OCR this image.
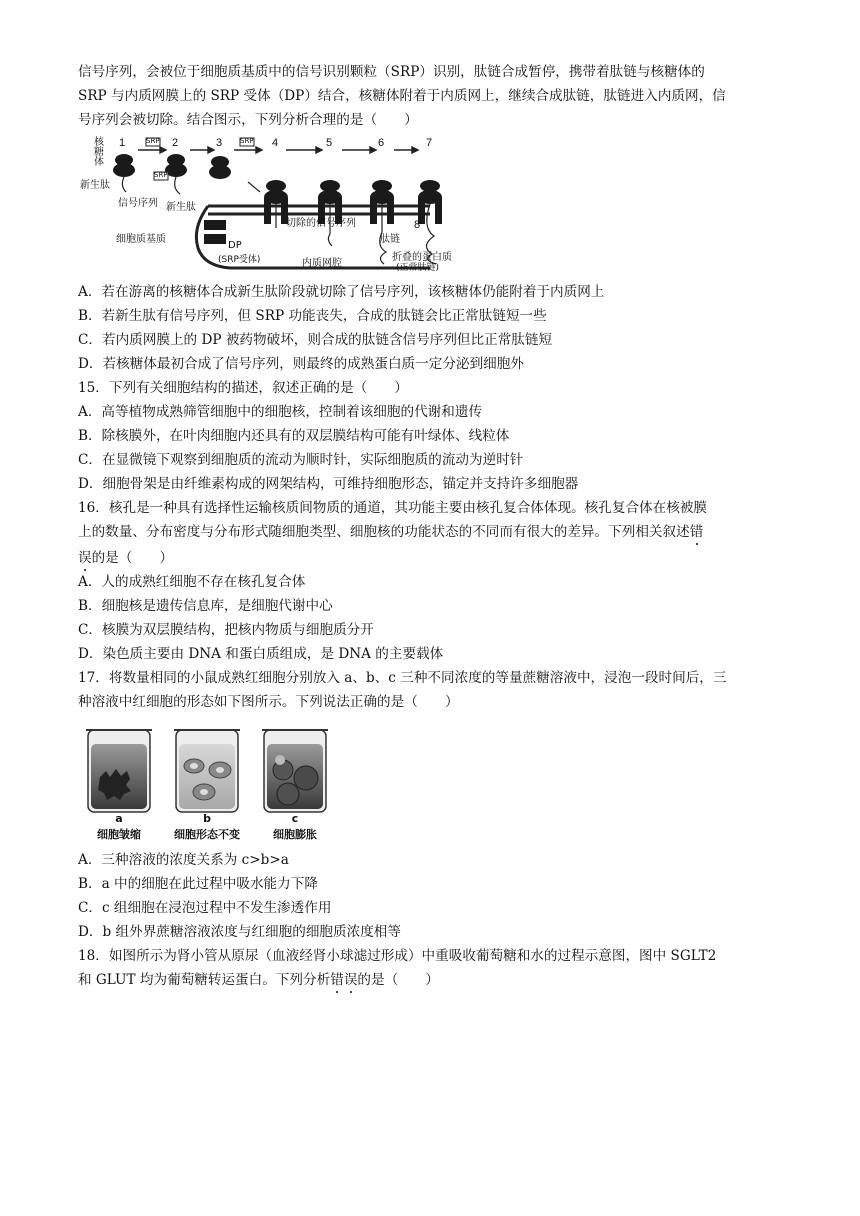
信号序列，会被位于细胞质基质中的信号识别颗粒（SRP）识别，肽链合成暂停，携带着肽链与核糖体的

SRP 与内质网膜上的 SRP 受体（DP）结合，核糖体附着于内质网上，继续合成肽链，肽链进入内质网，信

号序列会被切除。结合图示，下列分析合理的是（　　）

1	2	3	4	5	6	7
8
核糖体
新生肽
信号序列
SRP
SRP
SRP
新生肽
细胞质基质
DP
(SRP受体)	内质网腔
切除的信号序列
肽链
折叠的蛋白质
(正常肽链)

A．若在游离的核糖体合成新生肽阶段就切除了信号序列，该核糖体仍能附着于内质网上

B．若新生肽有信号序列，但 SRP 功能丧失，合成的肽链会比正常肽链短一些

C．若内质网膜上的 DP 被药物破坏，则合成的肽链含信号序列但比正常肽链短

D．若核糖体最初合成了信号序列，则最终的成熟蛋白质一定分泌到细胞外

15．下列有关细胞结构的描述，叙述正确的是（　　）

A．高等植物成熟筛管细胞中的细胞核，控制着该细胞的代谢和遗传

B．除核膜外，在叶肉细胞内还具有的双层膜结构可能有叶绿体、线粒体

C．在显微镜下观察到细胞质的流动为顺时针，实际细胞质的流动为逆时针

D．细胞骨架是由纤维素构成的网架结构，可维持细胞形态，锚定并支持许多细胞器

16．核孔是一种具有选择性运输核质间物质的通道，其功能主要由核孔复合体体现。核孔复合体在核被膜

上的数量、分布密度与分布形式随细胞类型、细胞核的功能状态的不同而有很大的差异。下列相关叙述错

误的是（　　）

A．人的成熟红细胞不存在核孔复合体

B．细胞核是遗传信息库，是细胞代谢中心

C．核膜为双层膜结构，把核内物质与细胞质分开

D．染色质主要由 DNA 和蛋白质组成，是 DNA 的主要载体

17．将数量相同的小鼠成熟红细胞分别放入 a、b、c 三种不同浓度的等量蔗糖溶液中，浸泡一段时间后，三

种溶液中红细胞的形态如下图所示。下列说法正确的是（　　）

a
细胞皱缩
b
细胞形态不变
c
细胞膨胀

A．三种溶液的浓度关系为 c>b>a

B．a 中的细胞在此过程中吸水能力下降

C．c 组细胞在浸泡过程中不发生渗透作用

D．b 组外界蔗糖溶液浓度与红细胞的细胞质浓度相等

18．如图所示为肾小管从原尿（血液经肾小球滤过形成）中重吸收葡萄糖和水的过程示意图，图中 SGLT2

和 GLUT 均为葡萄糖转运蛋白。下列分析错误的是（　　）
